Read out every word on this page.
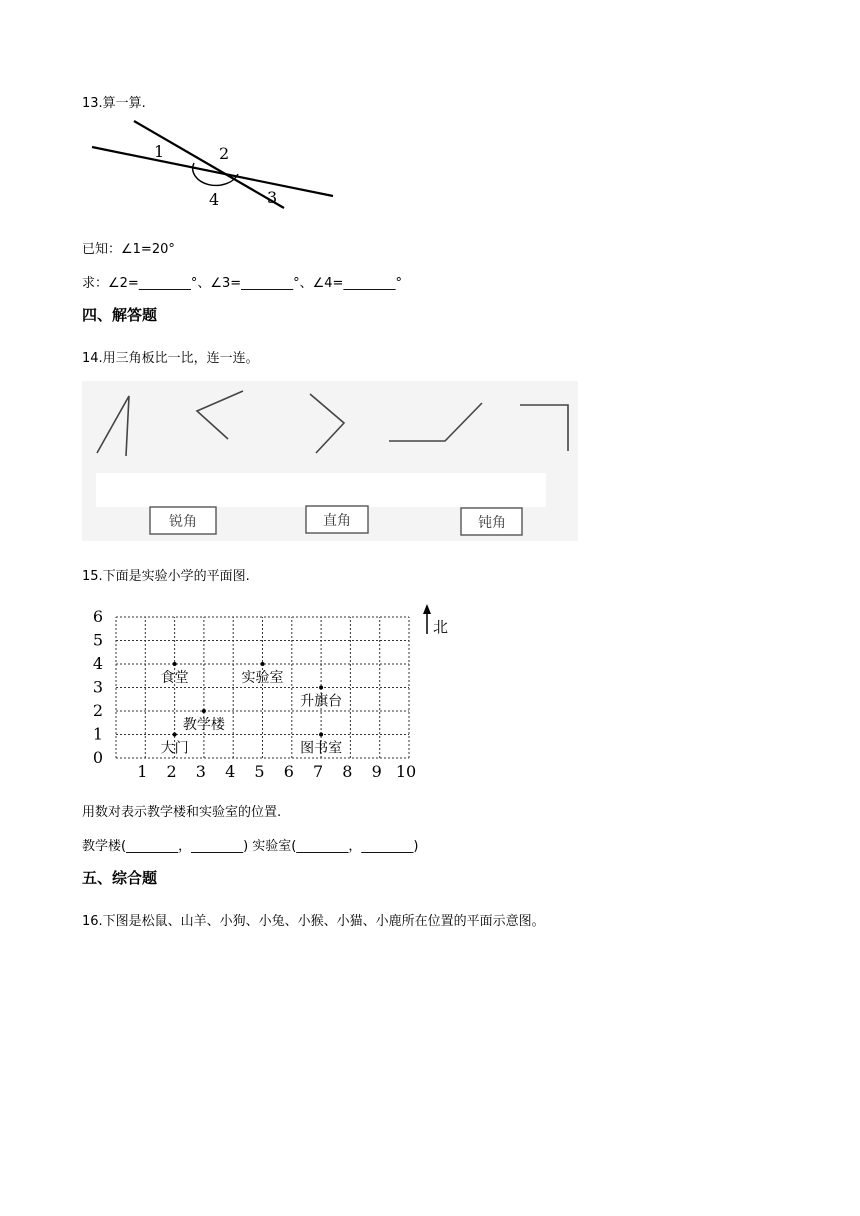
13.算一算.
1	2
3
4
已知：∠1=20°
求：∠2=________°、∠3=________°、∠4=________°
四、解答题
14.用三角板比一比，连一连。
锐角	直角	钝角
15.下面是实验小学的平面图.
1 2 3 4 5 6 7 8 9 10
0
1
2
3
4
5
6
食堂	实验室
升旗台
教学楼
大门	图书室
北
用数对表示教学楼和实验室的位置.
教学楼(________，________) 实验室(________，________)
五、综合题
16.下图是松鼠、山羊、小狗、小兔、小猴、小猫、小鹿所在位置的平面示意图。
